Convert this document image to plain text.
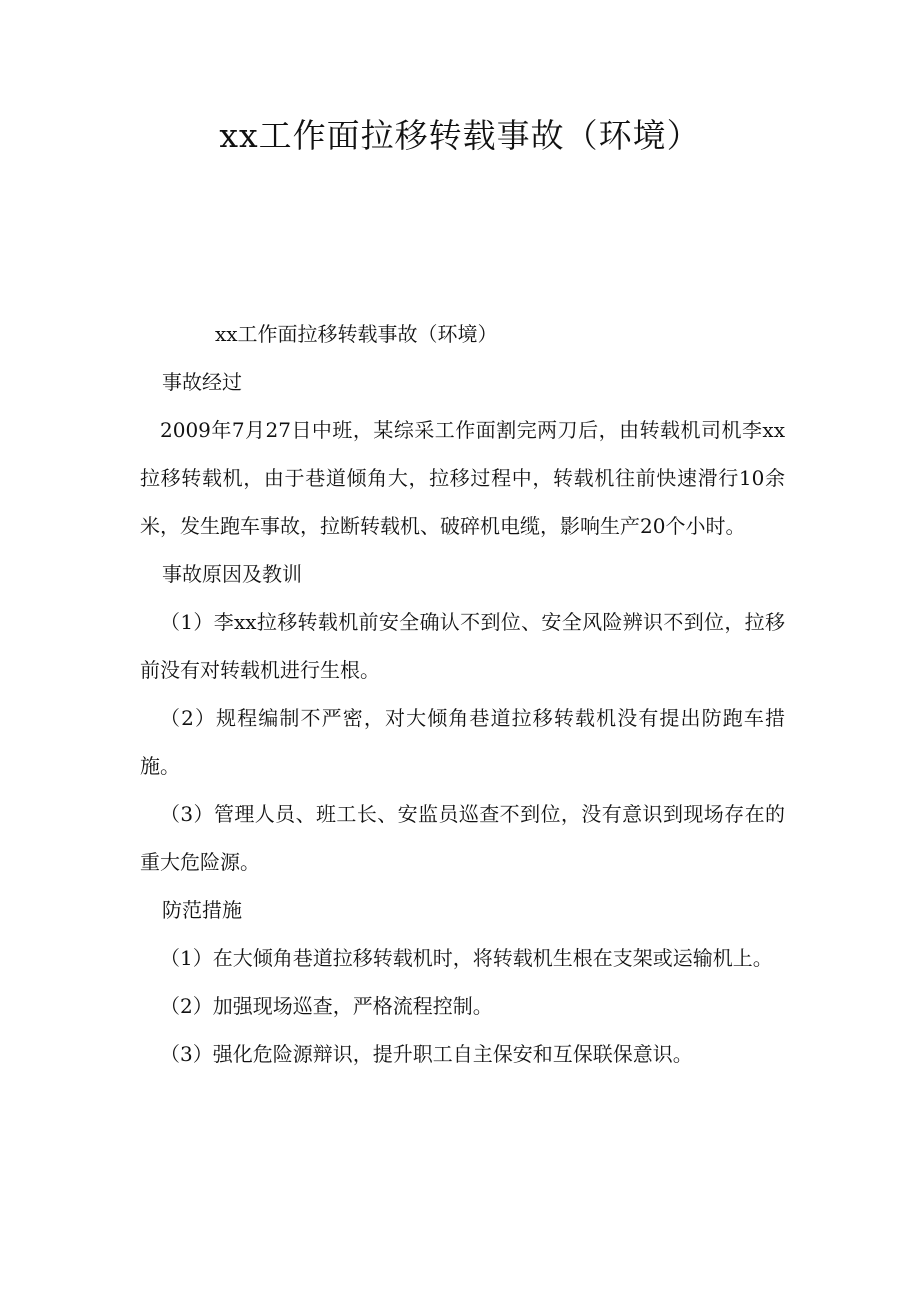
xx工作面拉移转载事故（环境）

xx工作面拉移转载事故（环境）

事故经过

2009年7月27日中班，某综采工作面割完两刀后，由转载机司机李xx拉移转载机，由于巷道倾角大，拉移过程中，转载机往前快速滑行10余米，发生跑车事故，拉断转载机、破碎机电缆，影响生产20个小时。

事故原因及教训

（1）李xx拉移转载机前安全确认不到位、安全风险辨识不到位，拉移前没有对转载机进行生根。

（2）规程编制不严密，对大倾角巷道拉移转载机没有提出防跑车措施。

（3）管理人员、班工长、安监员巡查不到位，没有意识到现场存在的重大危险源。

防范措施

（1）在大倾角巷道拉移转载机时，将转载机生根在支架或运输机上。

（2）加强现场巡查，严格流程控制。

（3）强化危险源辩识，提升职工自主保安和互保联保意识。
